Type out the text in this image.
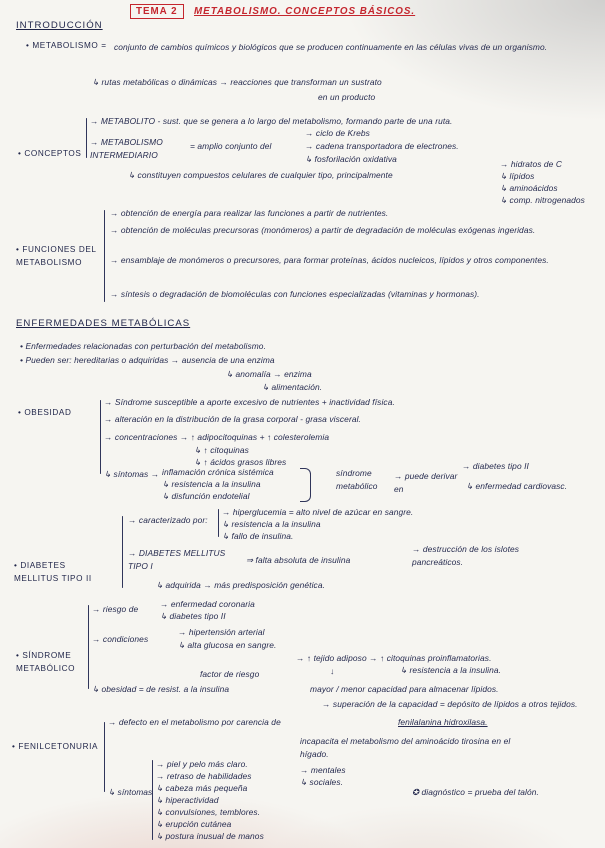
TEMA 2	METABOLISMO. CONCEPTOS BÁSICOS.
INTRODUCCIÓN
• METABOLISMO = conjunto de cambios químicos y biológicos que se producen continuamente en las células vivas de un organismo.
↳ rutas metabólicas o dinámicas → reacciones que transforman un sustrato
en un producto
→ METABOLITO - sust. que se genera a lo largo del metabolismo, formando parte de una ruta.
• CONCEPTOS
→ METABOLISMO INTERMEDIARIO
= amplio conjunto del
→ ciclo de Krebs
→ cadena transportadora de electrones.
↳ fosforilación oxidativa
↳ constituyen compuestos celulares de cualquier tipo, principalmente
→ hidratos de C
↳ lípidos
↳ aminoácidos
↳ comp. nitrogenados
• FUNCIONES DEL METABOLISMO
→ obtención de energía para realizar las funciones a partir de nutrientes.
→ obtención de moléculas precursoras (monómeros) a partir de degradación de moléculas exógenas ingeridas.
→ ensamblaje de monómeros o precursores, para formar proteínas, ácidos nucleicos, lípidos y otros componentes.
→ síntesis o degradación de biomoléculas con funciones especializadas (vitaminas y hormonas).
ENFERMEDADES METABÓLICAS
• Enfermedades relacionadas con perturbación del metabolismo.
• Pueden ser: hereditarias o adquiridas → ausencia de una enzima
↳ anomalía → enzima
↳ alimentación.
• OBESIDAD
→ Síndrome susceptible a aporte excesivo de nutrientes + inactividad física.
→ alteración en la distribución de la grasa corporal - grasa visceral.
→ concentraciones → ↑ adipocitoquinas + ↑ colesterolemia
↳ ↑ citoquinas
↳ ↑ ácidos grasos libres
↳ síntomas → inflamación crónica sistémica
↳ resistencia a la insulina
↳ disfunción endotelial
síndrome metabólico
→ puede derivar en
→ diabetes tipo II
↳ enfermedad cardiovasc.
• DIABETES MELLITUS TIPO II
→ caracterizado por:
→ hiperglucemia = alto nivel de azúcar en sangre.
↳ resistencia a la insulina
↳ fallo de insulina.
→ DIABETES MELLITUS TIPO I
⇒ falta absoluta de insulina
→ destrucción de los islotes pancreáticos.
↳ adquirida → más predisposición genética.
• SÍNDROME METABÓLICO
→ riesgo de	→ enfermedad coronaria
↳ diabetes tipo II
→ condiciones
→ hipertensión arterial
↳ alta glucosa en sangre.
→ ↑ tejido adiposo → ↑ citoquinas proinflamatorias.
↳ resistencia a la insulina.
factor de riesgo	↓
↳ obesidad = de resist. a la insulina	mayor / menor capacidad para almacenar lípidos.
→ superación de la capacidad = depósito de lípidos a otros tejidos.
• FENILCETONURIA
→ defecto en el metabolismo por carencia de	fenilalanina hidroxilasa.
incapacita el metabolismo del aminoácido tirosina en el hígado.
↳ síntomas
→ piel y pelo más claro.
→ retraso de habilidades
→ mentales
↳ sociales.
↳ cabeza más pequeña
↳ hiperactividad
↳ convulsiones, temblores.
↳ erupción cutánea
↳ postura inusual de manos
✪ diagnóstico = prueba del talón.
